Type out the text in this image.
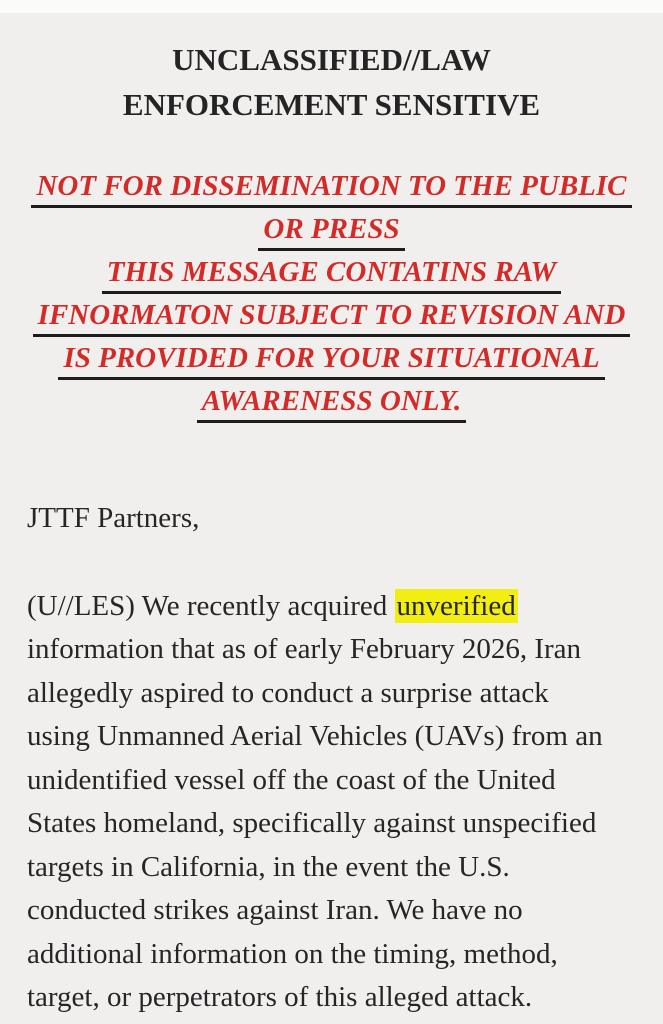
UNCLASSIFIED//LAW ENFORCEMENT SENSITIVE
NOT FOR DISSEMINATION TO THE PUBLIC
OR PRESS
THIS MESSAGE CONTATINS RAW
IFNORMATON SUBJECT TO REVISION AND
IS PROVIDED FOR YOUR SITUATIONAL
AWARENESS ONLY.
JTTF Partners,
(U//LES) We recently acquired unverified information that as of early February 2026, Iran allegedly aspired to conduct a surprise attack using Unmanned Aerial Vehicles (UAVs) from an unidentified vessel off the coast of the United States homeland, specifically against unspecified targets in California, in the event the U.S. conducted strikes against Iran. We have no additional information on the timing, method, target, or perpetrators of this alleged attack.
